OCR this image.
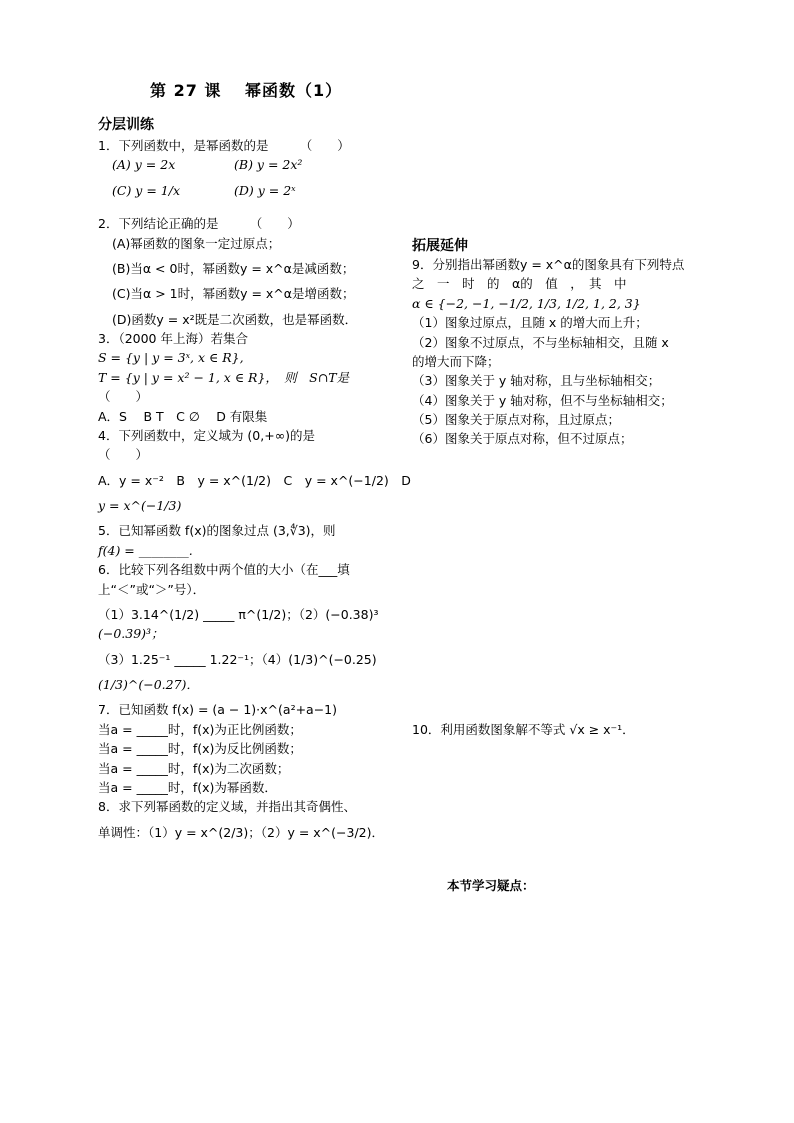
第 27 课　 幂函数（1）
分层训练
1．下列函数中，是幂函数的是　　　（　　）
(A) y = 2x	(B) y = 2x²
(C) y = 1/x	(D) y = 2ˣ
2．下列结论正确的是　　　（　　）
(A)幂函数的图象一定过原点；
(B)当α < 0时，幂函数y = x^α是减函数；
(C)当α > 1时，幂函数y = x^α是增函数；
(D)函数y = x²既是二次函数，也是幂函数．
3．（2000 年上海）若集合
S = {y | y = 3ˣ, x ∈ R},
T = {y | y = x² − 1, x ∈ R}，　则　S∩T是
（　　）
A．S　 B T　C ∅　 D 有限集
4．下列函数中，定义域为 (0,+∞)的是
（　　）
A．y = x⁻²　B　y = x^(1/2)　C　y = x^(−1/2)　D
y = x^(−1/3)
5．已知幂函数 f(x)的图象过点 (3,∜3)，则
f(4) = ________.
6．比较下列各组数中两个值的大小（在___填
上“＜”或“＞”号）．
（1）3.14^(1/2) _____ π^(1/2)；（2）(−0.38)³
(−0.39)³；
（3）1.25⁻¹ _____ 1.22⁻¹；（4）(1/3)^(−0.25)
(1/3)^(−0.27)．
7．已知函数 f(x) = (a − 1)·x^(a²+a−1)
当a = _____时，f(x)为正比例函数；
当a = _____时，f(x)为反比例函数；
当a = _____时，f(x)为二次函数；
当a = _____时，f(x)为幂函数．
8．求下列幂函数的定义域，并指出其奇偶性、
单调性：（1）y = x^(2/3)；（2）y = x^(−3/2)．
拓展延伸
9．分别指出幂函数y = x^α的图象具有下列特点
之　一　时　的　α的　值　，　其　中
α ∈ {−2, −1, −1/2, 1/3, 1/2, 1, 2, 3}
（1）图象过原点，且随 x 的增大而上升；
（2）图象不过原点，不与坐标轴相交，且随 x
的增大而下降；
（3）图象关于 y 轴对称，且与坐标轴相交；
（4）图象关于 y 轴对称，但不与坐标轴相交；
（5）图象关于原点对称，且过原点；
（6）图象关于原点对称，但不过原点；
10．利用函数图象解不等式 √x ≥ x⁻¹．
本节学习疑点：
